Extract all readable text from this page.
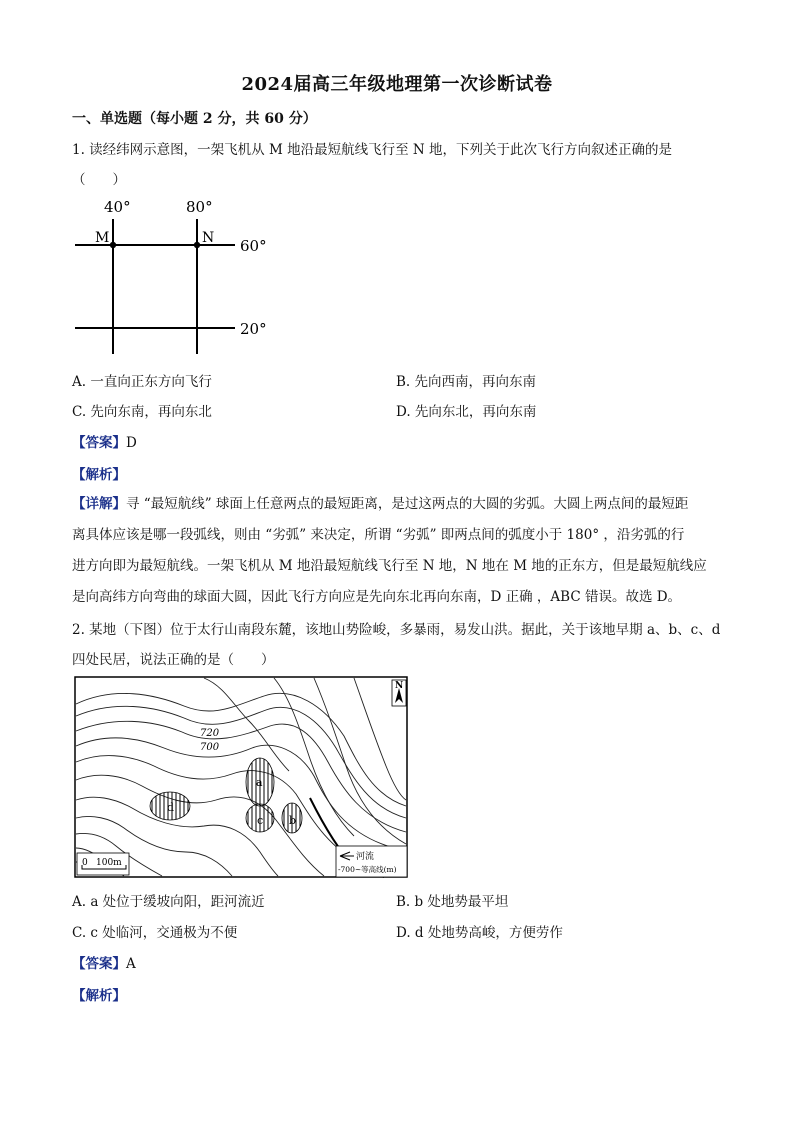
2024届高三年级地理第一次诊断试卷
一、单选题（每小题 2 分，共 60 分）
1. 读经纬网示意图，一架飞机从 M 地沿最短航线飞行至 N 地，下列关于此次飞行方向叙述正确的是
（　　）
40°	80°
M	N 60°
20°
A. 一直向正东方向飞行	B. 先向西南，再向东南
C. 先向东南，再向东北	D. 先向东北，再向东南
【答案】D
【解析】
【详解】寻 “最短航线” 球面上任意两点的最短距离，是过这两点的大圆的劣弧。大圆上两点间的最短距
离具体应该是哪一段弧线，则由 “劣弧” 来决定，所谓 “劣弧” 即两点间的弧度小于 180° ，沿劣弧的行
进方向即为最短航线。一架飞机从 M 地沿最短航线飞行至 N 地，N 地在 M 地的正东方，但是最短航线应
是向高纬方向弯曲的球面大圆，因此飞行方向应是先向东北再向东南，D 正确 ，ABC 错误。故选 D。
2. 某地（下图）位于太行山南段东麓，该地山势险峻，多暴雨，易发山洪。据此，关于该地早期 a、b、c、d
四处民居，说法正确的是（　　）
720
700
a
b
c
d
N
0 100m
河流
-700~等高线(m)
A. a 处位于缓坡向阳，距河流近	B. b 处地势最平坦
C. c 处临河，交通极为不便	D. d 处地势高峻，方便劳作
【答案】A
【解析】
